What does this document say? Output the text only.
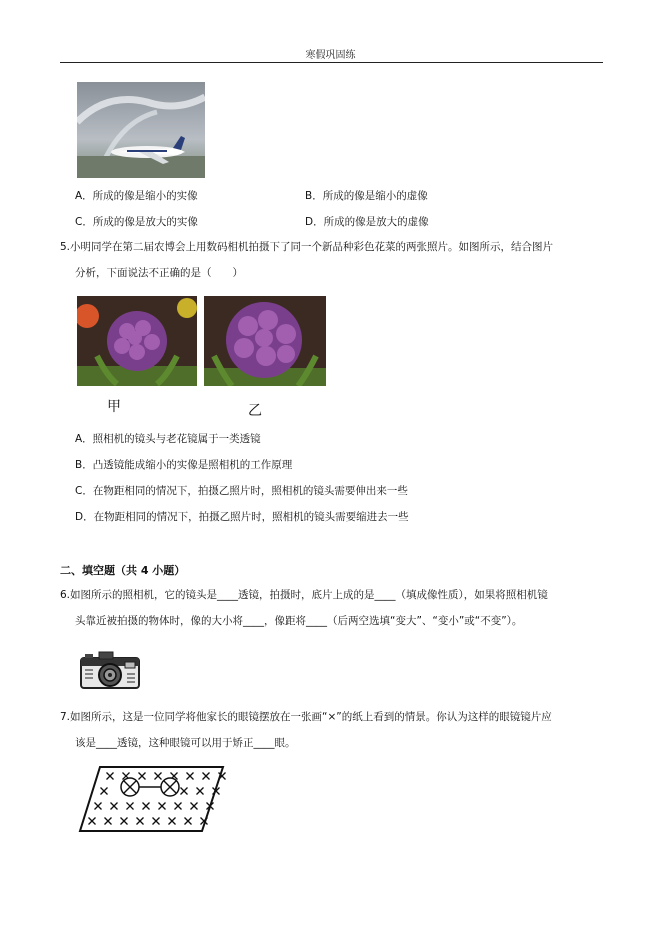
寒假巩固练
A．所成的像是缩小的实像	B．所成的像是缩小的虚像
C．所成的像是放大的实像	D．所成的像是放大的虚像
5.小明同学在第二届农博会上用数码相机拍摄下了同一个新品种彩色花菜的两张照片。如图所示，结合图片
分析，下面说法不正确的是（　　）
甲	乙
A．照相机的镜头与老花镜属于一类透镜
B．凸透镜能成缩小的实像是照相机的工作原理
C．在物距相同的情况下，拍摄乙照片时，照相机的镜头需要伸出来一些
D．在物距相同的情况下，拍摄乙照片时，照相机的镜头需要缩进去一些
二、填空题（共 4 小题）
6.如图所示的照相机，它的镜头是____透镜，拍摄时，底片上成的是____（填成像性质），如果将照相机镜
头靠近被拍摄的物体时，像的大小将____，像距将____（后两空选填“变大”、“变小”或“不变”）。
7.如图所示，这是一位同学将他家长的眼镜摆放在一张画“×”的纸上看到的情景。你认为这样的眼镜镜片应
该是____透镜，这种眼镜可以用于矫正____眼。
